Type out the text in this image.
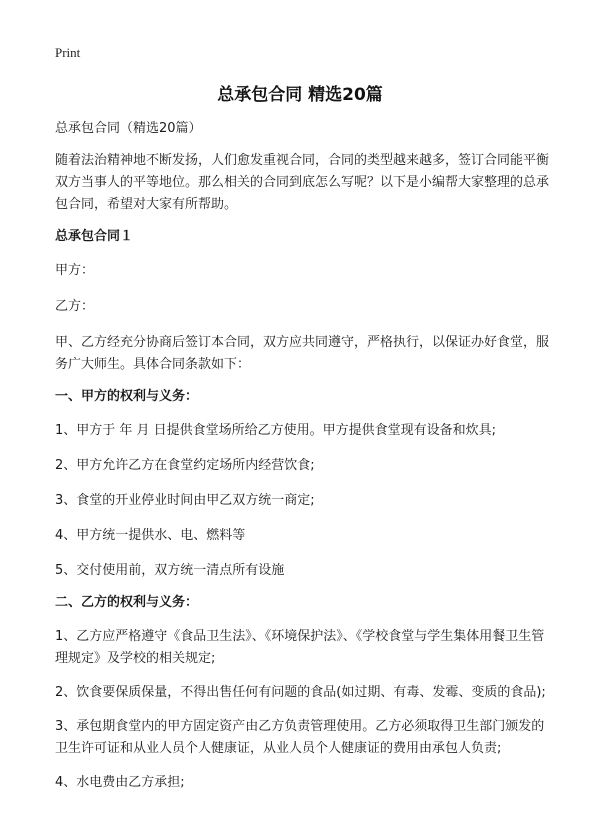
Print
总承包合同 精选20篇

总承包合同（精选20篇）

随着法治精神地不断发扬，人们愈发重视合同，合同的类型越来越多，签订合同能平衡双方当事人的平等地位。那么相关的合同到底怎么写呢？以下是小编帮大家整理的总承包合同，希望对大家有所帮助。

总承包合同１

甲方：

乙方：

甲、乙方经充分协商后签订本合同，双方应共同遵守，严格执行，以保证办好食堂，服务广大师生。具体合同条款如下：

一、甲方的权利与义务：

1、甲方于 年 月 日提供食堂场所给乙方使用。甲方提供食堂现有设备和炊具;

2、甲方允许乙方在食堂约定场所内经营饮食;

3、食堂的开业停业时间由甲乙双方统一商定;

4、甲方统一提供水、电、燃料等

5、交付使用前，双方统一清点所有设施

二、乙方的权利与义务：

1、乙方应严格遵守《食品卫生法》、《环境保护法》、《学校食堂与学生集体用餐卫生管理规定》及学校的相关规定;

2、饮食要保质保量，不得出售任何有问题的食品(如过期、有毒、发霉、变质的食品);

3、承包期食堂内的甲方固定资产由乙方负责管理使用。乙方必须取得卫生部门颁发的卫生许可证和从业人员个人健康证，从业人员个人健康证的费用由承包人负责;

4、水电费由乙方承担;
